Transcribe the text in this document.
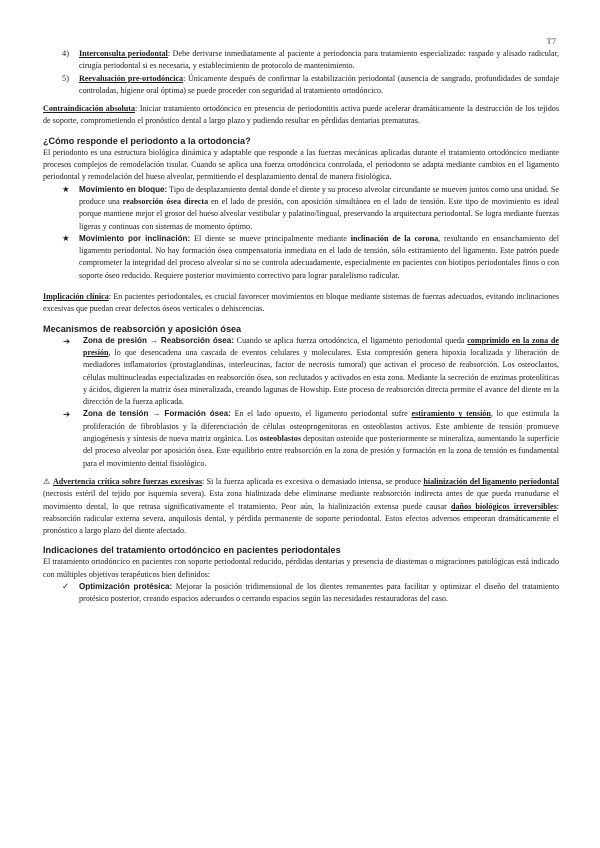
T7
4) Interconsulta periodontal: Debe derivarse inmediatamente al paciente a periodoncia para tratamiento especializado: raspado y alisado radicular, cirugía periodontal si es necesaria, y establecimiento de protocolo de mantenimiento.

5) Reevaluación pre-ortodóncica: Únicamente después de confirmar la estabilización periodontal (ausencia de sangrado, profundidades de sondaje controladas, higiene oral óptima) se puede proceder con seguridad al tratamiento ortodóncico.

Contraindicación absoluta: Iniciar tratamiento ortodóncico en presencia de periodontitis activa puede acelerar dramáticamente la destrucción de los tejidos de soporte, comprometiendo el pronóstico dental a largo plazo y pudiendo resultar en pérdidas dentarias prematuras.

¿Cómo responde el periodonto a la ortodoncia?

El periodonto es una estructura biológica dinámica y adaptable que responde a las fuerzas mecánicas aplicadas durante el tratamiento ortodóncico mediante procesos complejos de remodelación tisular. Cuando se aplica una fuerza ortodóncica controlada, el periodonto se adapta mediante cambios en el ligamento periodontal y remodelación del hueso alveolar, permitiendo el desplazamiento dental de manera fisiológica.

★ Movimiento en bloque: Tipo de desplazamiento dental donde el diente y su proceso alveolar circundante se mueven juntos como una unidad. Se produce una reabsorción ósea directa en el lado de presión, con aposición simultánea en el lado de tensión. Este tipo de movimiento es ideal porque mantiene mejor el grosor del hueso alveolar vestibular y palatino/lingual, preservando la arquitectura periodontal. Se logra mediante fuerzas ligeras y continuas con sistemas de momento óptimo.

★ Movimiento por inclinación: El diente se mueve principalmente mediante inclinación de la corona, resultando en ensanchamiento del ligamento periodontal. No hay formación ósea compensatoria inmediata en el lado de tensión, sólo estiramiento del ligamento. Este patrón puede comprometer la integridad del proceso alveolar si no se controla adecuadamente, especialmente en pacientes con biotipos periodontales finos o con soporte óseo reducido. Requiere posterior movimiento correctivo para lograr paralelismo radicular.

Implicación clínica: En pacientes periodontales, es crucial favorecer movimientos en bloque mediante sistemas de fuerzas adecuados, evitando inclinaciones excesivas que puedan crear defectos óseos verticales o dehiscencias.

Mecanismos de reabsorción y aposición ósea
➔ Zona de presión → Reabsorción ósea: Cuando se aplica fuerza ortodóncica, el ligamento periodontal queda comprimido en la zona de presión, lo que desencadena una cascada de eventos celulares y moleculares. Esta compresión genera hipoxia localizada y liberación de mediadores inflamatorios (prostaglandinas, interleucinas, factor de necrosis tumoral) que activan el proceso de reabsorción. Los osteoclastos, células multinucleadas especializadas en reabsorción ósea, son reclutados y activados en esta zona. Mediante la secreción de enzimas proteolíticas y ácidos, digieren la matriz ósea mineralizada, creando lagunas de Howship. Este proceso de reabsorción directa permite el avance del diente en la dirección de la fuerza aplicada.

➔ Zona de tensión → Formación ósea: En el lado opuesto, el ligamento periodontal sufre estiramiento y tensión, lo que estimula la proliferación de fibroblastos y la diferenciación de células osteoprogenitoras en osteoblastos activos. Este ambiente de tensión promueve angiogénesis y síntesis de nueva matriz orgánica. Los osteoblastos depositan osteoide que posteriormente se mineraliza, aumentando la superficie del proceso alveolar por aposición ósea. Este equilibrio entre reabsorción en la zona de presión y formación en la zona de tensión es fundamental para el movimiento dental fisiológico.

⚠ Advertencia crítica sobre fuerzas excesivas: Si la fuerza aplicada es excesiva o demasiado intensa, se produce hialinización del ligamento periodontal (necrosis estéril del tejido por isquemia severa). Esta zona hialinizada debe eliminarse mediante reabsorción indirecta antes de que pueda reanudarse el movimiento dental, lo que retrasa significativamente el tratamiento. Peor aún, la hialinización extensa puede causar daños biológicos irreversibles: reabsorción radicular externa severa, anquilosis dental, y pérdida permanente de soporte periodontal. Estos efectos adversos empeoran dramáticamente el pronóstico a largo plazo del diente afectado.

Indicaciones del tratamiento ortodóncico en pacientes periodontales

El tratamiento ortodóncico en pacientes con soporte periodontal reducido, pérdidas dentarias y presencia de diastemas o migraciones patológicas está indicado con múltiples objetivos terapéuticos bien definidos:

✓ Optimización protésica: Mejorar la posición tridimensional de los dientes remanentes para facilitar y optimizar el diseño del tratamiento protésico posterior, creando espacios adecuados o cerrando espacios según las necesidades restauradoras del caso.
